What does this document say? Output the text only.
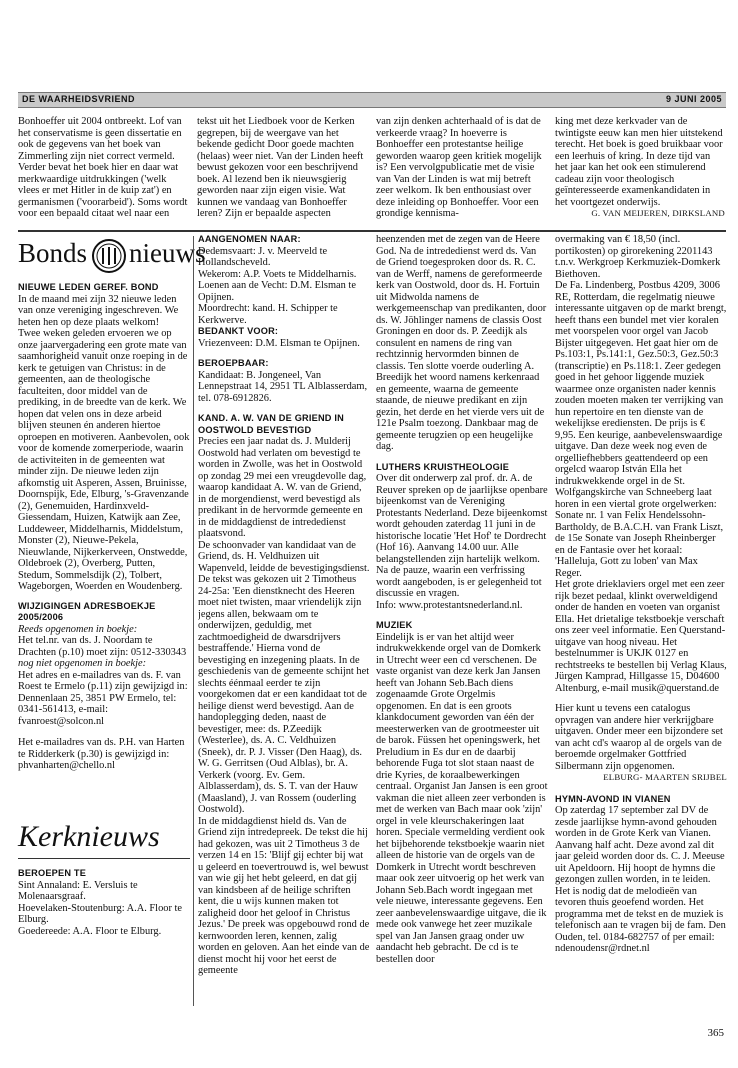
DE WAARHEIDSVRIEND	9 JUNI 2005

Bonhoeffer uit 2004 ontbreekt. Lof van het conservatisme is geen dissertatie en ook de gegevens van het boek van Zimmerling zijn niet correct vermeld. Verder bevat het boek hier en daar wat merkwaardige uitdrukkingen ('welk vlees er met Hitler in de kuip zat') en germanismen ('voorarbeid'). Soms wordt voor een bepaald citaat wel naar een

tekst uit het Liedboek voor de Kerken gegrepen, bij de weergave van het bekende gedicht Door goede machten (helaas) weer niet. Van der Linden heeft bewust gekozen voor een beschrijvend boek. Al lezend ben ik nieuwsgierig geworden naar zijn eigen visie. Wat kunnen we vandaag van Bonhoeffer leren? Zijn er bepaalde aspecten

van zijn denken achterhaald of is dat de verkeerde vraag? In hoeverre is Bonhoeffer een protestantse heilige geworden waarop geen kritiek mogelijk is? Een vervolgpublicatie met de visie van Van der Linden is wat mij betreft zeer welkom. Ik ben enthousiast over deze inleiding op Bonhoeffer. Voor een grondige kennisma-

king met deze kerkvader van de twintigste eeuw kan men hier uitstekend terecht. Het boek is goed bruikbaar voor een leerhuis of kring. In deze tijd van het jaar kan het ook een stimulerend cadeau zijn voor theologisch geïnteresseerde examenkandidaten in het voortgezet onderwijs.

G. VAN MEIJEREN, DIRKSLAND

Bonds nieuws

NIEUWE LEDEN GEREF. BOND

In de maand mei zijn 32 nieuwe leden van onze vereniging ingeschreven. We heten hen op deze plaats welkom!

Twee weken geleden ervoeren we op onze jaarvergadering een grote mate van saamhorigheid vanuit onze roeping in de kerk te getuigen van Christus: in de gemeenten, aan de theologische faculteiten, door middel van de prediking, in de breedte van de kerk. We hopen dat velen ons in deze arbeid blijven steunen én anderen hiertoe oproepen en motiveren. Aanbevolen, ook voor de komende zomerperiode, waarin de activiteiten in de gemeenten wat minder zijn. De nieuwe leden zijn afkomstig uit Asperen, Assen, Bruinisse, Doornspijk, Ede, Elburg, 's-Gravenzande (2), Genemuiden, Hardinxveld-Giessendam, Huizen, Katwijk aan Zee, Luddeweer, Middelharnis, Middelstum, Monster (2), Nieuwe-Pekela, Nieuwlande, Nijkerkerveen, Onstwedde, Oldebroek (2), Overberg, Putten, Stedum, Sommelsdijk (2), Tolbert, Wageborgen, Woerden en Woudenberg.

WIJZIGINGEN ADRESBOEKJE 2005/2006

Reeds opgenomen in boekje:

Het tel.nr. van ds. J. Noordam te Drachten (p.10) moet zijn: 0512-330343

nog niet opgenomen in boekje:

Het adres en e-mailadres van ds. F. van Roest te Ermelo (p.11) zijn gewijzigd in: Dennenlaan 25, 3851 PW Ermelo, tel: 0341-561413, e-mail: fvanroest@solcon.nl

Het e-mailadres van ds. P.H. van Harten te Ridderkerk (p.30) is gewijzigd in: phvanharten@chello.nl

Kerknieuws

BEROEPEN TE

Sint Annaland: E. Versluis te Molenaarsgraaf.

Hoevelaken-Stoutenburg: A.A. Floor te Elburg.

Goedereede: A.A. Floor te Elburg.

AANGENOMEN NAAR:

Dedemsvaart: J. v. Meerveld te Hollandscheveld.

Wekerom: A.P. Voets te Middelharnis.

Loenen aan de Vecht: D.M. Elsman te Opijnen.

Moordrecht: kand. H. Schipper te Kerkwerve.

BEDANKT VOOR:

Vriezenveen: D.M. Elsman te Opijnen.

BEROEPBAAR:

Kandidaat: B. Jongeneel, Van Lennepstraat 14, 2951 TL Alblasserdam, tel. 078-6912826.

KAND. A. W. VAN DE GRIEND IN OOSTWOLD BEVESTIGD

Precies een jaar nadat ds. J. Mulderij Oostwold had verlaten om bevestigd te worden in Zwolle, was het in Oostwold op zondag 29 mei een vreugdevolle dag, waarop kandidaat A. W. van de Griend, in de morgendienst, werd bevestigd als predikant in de hervormde gemeente en in de middagdienst de intrededienst plaatsvond.

De schoonvader van kandidaat van de Griend, ds. H. Veldhuizen uit Wapenveld, leidde de bevestigingsdienst. De tekst was gekozen uit 2 Timotheus 24-25a: 'Een dienstknecht des Heeren moet niet twisten, maar vriendelijk zijn jegens allen, bekwaam om te onderwijzen, geduldig, met zachtmoedigheid de dwarsdrijvers bestraffende.' Hierna vond de bevestiging en inzegening plaats. In de geschiedenis van de gemeente schijnt het slechts éénmaal eerder te zijn voorgekomen dat er een kandidaat tot de heilige dienst werd bevestigd. Aan de handoplegging deden, naast de bevestiger, mee: ds. P.Zeedijk (Westerlee), ds. A. C. Veldhuizen (Sneek), dr. P. J. Visser (Den Haag), ds. W. G. Gerritsen (Oud Alblas), br. A. Verkerk (voorg. Ev. Gem. Alblasserdam), ds. S. T. van der Hauw (Maasland), J. van Rossem (ouderling Oostwold).

In de middagdienst hield ds. Van de Griend zijn intredepreek. De tekst die hij had gekozen, was uit 2 Timotheus 3 de verzen 14 en 15: 'Blijf gij echter bij wat u geleerd en toevertrouwd is, wel bewust van wie gij het hebt geleerd, en dat gij van kindsbeen af de heilige schriften kent, die u wijs kunnen maken tot zaligheid door het geloof in Christus Jezus.' De preek was opgebouwd rond de kernwoorden leren, kennen, zalig worden en geloven. Aan het einde van de dienst mocht hij voor het eerst de gemeente

heenzenden met de zegen van de Heere God. Na de intrededienst werd ds. Van de Griend toegesproken door ds. R. C. van de Werff, namens de gereformeerde kerk van Oostwold, door ds. H. Fortuin uit Midwolda namens de werkgemeenschap van predikanten, door ds. W. Jöhlinger namens de classis Oost Groningen en door ds. P. Zeedijk als consulent en namens de ring van rechtzinnig hervormden binnen de classis. Ten slotte voerde ouderling A. Breedijk het woord namens kerkenraad en gemeente, waarna de gemeente staande, de nieuwe predikant en zijn gezin, het derde en het vierde vers uit de 121e Psalm toezong. Dankbaar mag de gemeente terugzien op een heugelijke dag.

LUTHERS KRUISTHEOLOGIE

Over dit onderwerp zal prof. dr. A. de Reuver spreken op de jaarlijkse openbare bijeenkomst van de Vereniging Protestants Nederland. Deze bijeenkomst wordt gehouden zaterdag 11 juni in de historische locatie 'Het Hof' te Dordrecht (Hof 16). Aanvang 14.00 uur. Alle belangstellenden zijn hartelijk welkom. Na de pauze, waarin een verfrissing wordt aangeboden, is er gelegenheid tot discussie en vragen.

Info: www.protestantsnederland.nl.

MUZIEK

Eindelijk is er van het altijd weer indrukwekkende orgel van de Domkerk in Utrecht weer een cd verschenen. De vaste organist van deze kerk Jan Jansen heeft van Johann Seb.Bach diens zogenaamde Grote Orgelmis opgenomen. En dat is een groots klankdocument geworden van één der meesterwerken van de grootmeester uit de barok. Füssen het openingswerk, het Preludium in Es dur en de daarbij behorende Fuga tot slot staan naast de drie Kyries, de koraalbewerkingen centraal. Organist Jan Jansen is een groot vakman die niet alleen zeer verbonden is met de werken van Bach maar ook 'zijn' orgel in vele kleurschakeringen laat horen. Speciale vermelding verdient ook het bijbehorende tekstboekje waarin niet alleen de historie van de orgels van de Domkerk in Utrecht wordt beschreven maar ook zeer uitvoerig op het werk van Johann Seb.Bach wordt ingegaan met vele nieuwe, interessante gegevens. Een zeer aanbevelenswaardige uitgave, die ik mede ook vanwege het zeer muzikale spel van Jan Jansen graag onder uw aandacht heb gebracht. De cd is te bestellen door

overmaking van € 18,50 (incl. portikosten) op girorekening 2201143 t.n.v. Werkgroep Kerkmuziek-Domkerk Biethoven.

De Fa. Lindenberg, Postbus 4209, 3006 RE, Rotterdam, die regelmatig nieuwe interessante uitgaven op de markt brengt, heeft thans een bundel met vier koralen met voorspelen voor orgel van Jacob Bijster uitgegeven. Het gaat hier om de Ps.103:1, Ps.141:1, Gez.50:3, Gez.50:3 (transcriptie) en Ps.118:1. Zeer gedegen goed in het gehoor liggende muziek waarmee onze organisten nader kennis zouden moeten maken ter verrijking van hun repertoire en ten dienste van de wekelijkse erediensten. De prijs is € 9,95. Een keurige, aanbevelenswaardige uitgave. Dan deze week nog even de orgelliefhebbers geattendeerd op een orgelcd waarop István Ella het indrukwekkende orgel in de St. Wolfgangskirche van Schneeberg laat horen in een viertal grote orgelwerken: Sonate nr. 1 van Felix Hendelssohn-Bartholdy, de B.A.C.H. van Frank Liszt, de 15e Sonate van Joseph Rheinberger en de Fantasie over het koraal: 'Halleluja, Gott zu loben' van Max Reger.

Het grote drieklaviers orgel met een zeer rijk bezet pedaal, klinkt overweldigend onder de handen en voeten van organist Ella. Het drietalige tekstboekje verschaft ons zeer veel informatie. Een Querstand-uitgave van hoog niveau. Het bestelnummer is UKJK 0127 en rechtstreeks te bestellen bij Verlag Klaus, Jürgen Kamprad, Hillgasse 15, D04600 Altenburg, e-mail musik@querstand.de

Hier kunt u tevens een catalogus opvragen van andere hier verkrijgbare uitgaven. Onder meer een bijzondere set van acht cd's waarop al de orgels van de beroemde orgelmaker Gottfried Silbermann zijn opgenomen.

ELBURG- MAARTEN SRIJBEL

HYMN-AVOND IN VIANEN

Op zaterdag 17 september zal DV de zesde jaarlijkse hymn-avond gehouden worden in de Grote Kerk van Vianen. Aanvang half acht. Deze avond zal dit jaar geleid worden door ds. C. J. Meeuse uit Apeldoorn. Hij hoopt de hymns die gezongen zullen worden, in te leiden. Het is nodig dat de melodieën van tevoren thuis geoefend worden. Het programma met de tekst en de muziek is telefonisch aan te vragen bij de fam. Den Ouden, tel. 0184-682757 of per email: ndenoudensr@rdnet.nl

365
